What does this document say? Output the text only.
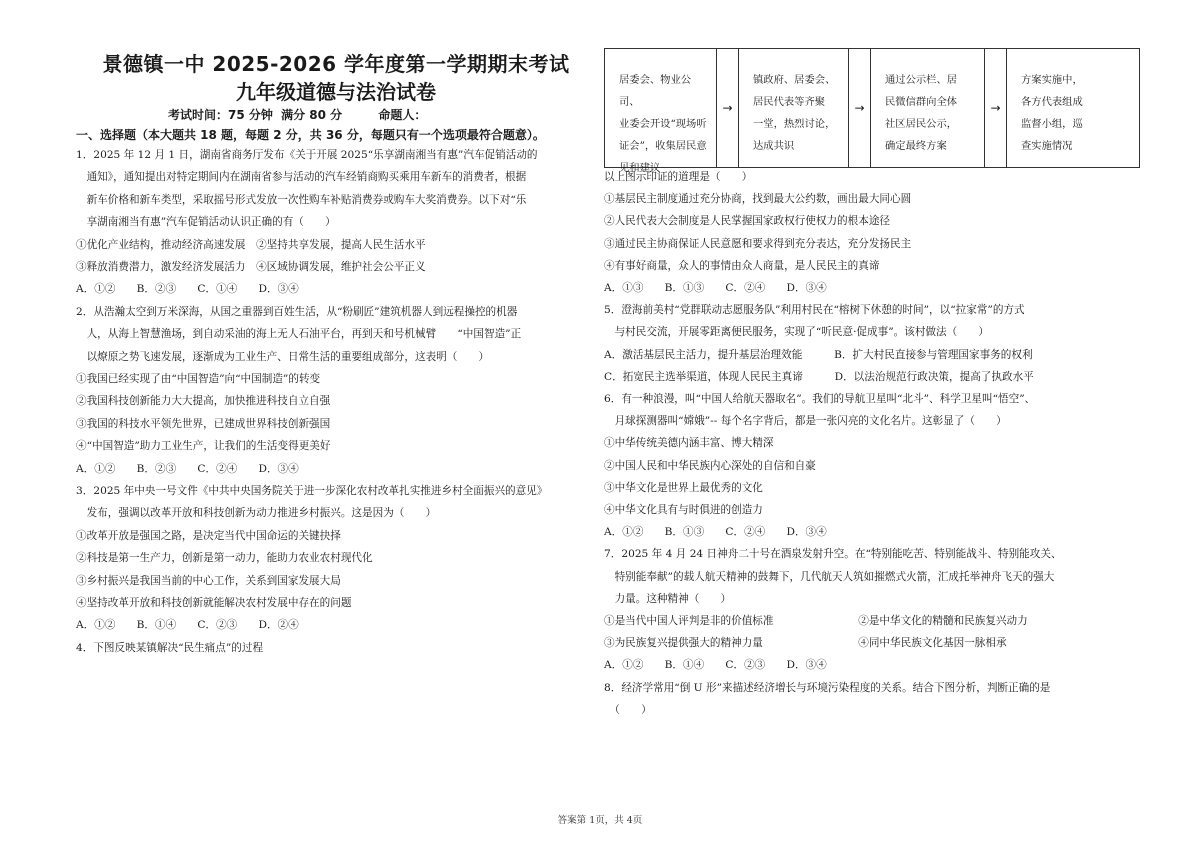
景德镇一中 2025-2026 学年度第一学期期末考试
九年级道德与法治试卷
考试时间：75 分钟 满分 80 分	命题人：
一、选择题（本大题共 18 题，每题 2 分，共 36 分，每题只有一个选项最符合题意）。
1．2025 年 12 月 1 日，湖南省商务厅发布《关于开展 2025“乐享湖南湘当有惠”汽车促销活动的
　通知》，通知提出对特定期间内在湖南省参与活动的汽车经销商购买乘用车新车的消费者，根据
　新车价格和新车类型，采取摇号形式发放一次性购车补贴消费券或购车大奖消费券。以下对“乐
　享湖南湘当有惠”汽车促销活动认识正确的有（　　）
①优化产业结构，推动经济高速发展　②坚持共享发展，提高人民生活水平
③释放消费潜力，激发经济发展活力　④区域协调发展，维护社会公平正义
A．①②　　B．②③　　C．①④　　D．③④
2．从浩瀚太空到万米深海，从国之重器到百姓生活，从“粉刷匠”建筑机器人到远程操控的机器
　人，从海上智慧渔场，到自动采油的海上无人石油平台，再到天和号机械臂　　“中国智造”正
　以燎原之势飞速发展，逐渐成为工业生产、日常生活的重要组成部分，这表明（　　）
①我国已经实现了由“中国智造”向“中国制造”的转变
②我国科技创新能力大大提高，加快推进科技自立自强
③我国的科技水平领先世界，已建成世界科技创新强国
④“中国智造”助力工业生产，让我们的生活变得更美好
A．①②　　B．②③　　C．②④　　D．③④
3．2025 年中央一号文件《中共中央国务院关于进一步深化农村改革扎实推进乡村全面振兴的意见》
　发布，强调以改革开放和科技创新为动力推进乡村振兴。这是因为（　　）
①改革开放是强国之路，是决定当代中国命运的关键抉择
②科技是第一生产力，创新是第一动力，能助力农业农村现代化
③乡村振兴是我国当前的中心工作，关系到国家发展大局
④坚持改革开放和科技创新就能解决农村发展中存在的问题
A．①②　　B．①④　　C．②③　　D．②④
4．下图反映某镇解决“民生痛点”的过程
居委会、物业公司、
业委会开设“现场听
证会”，收集居民意
见和建议
→
镇政府、居委会、
居民代表等齐聚
一堂，热烈讨论，
达成共识
→
通过公示栏、居
民微信群向全体
社区居民公示，
确定最终方案
→
方案实施中，
各方代表组成
监督小组，巡
查实施情况
以上图示印证的道理是（　　）
①基层民主制度通过充分协商，找到最大公约数，画出最大同心圆
②人民代表大会制度是人民掌握国家政权行使权力的根本途径
③通过民主协商保证人民意愿和要求得到充分表达，充分发扬民主
④有事好商量，众人的事情由众人商量，是人民民主的真谛
A．①③　　B．①③　　C．②④　　D．③④
5．澄海前美村“党群联动志愿服务队”利用村民在“榕树下休憩的时间”，以“拉家常”的方式
　与村民交流，开展零距离便民服务，实现了“听民意·促成事”。该村做法（　　）
A．激活基层民主活力，提升基层治理效能　　　B．扩大村民直接参与管理国家事务的权利
C．拓宽民主选举渠道，体现人民民主真谛　　　D．以法治规范行政决策，提高了执政水平
6．有一种浪漫，叫“中国人给航天器取名”。我们的导航卫星叫“北斗”、科学卫星叫“悟空”、
　月球探测器叫“嫦娥”-- 每个名字背后，都是一张闪亮的文化名片。这彰显了（　　）
①中华传统美德内涵丰富、博大精深
②中国人民和中华民族内心深处的自信和自豪
③中华文化是世界上最优秀的文化
④中华文化具有与时俱进的创造力
A．①②　　B．①③　　C．②④　　D．③④
7．2025 年 4 月 24 日神舟二十号在酒泉发射升空。在“特别能吃苦、特别能战斗、特别能攻关、
　特别能奉献”的载人航天精神的鼓舞下，几代航天人筑如摧燃式火箭，汇成托举神舟飞天的强大
　力量。这种精神（　　）
①是当代中国人评判是非的价值标准　　　　　　　　②是中华文化的精髓和民族复兴动力
③为民族复兴提供强大的精神力量　　　　　　　　　④同中华民族文化基因一脉相承
A．①②　　B．①④　　C．②③　　D．③④
8．经济学常用“倒 U 形”来描述经济增长与环境污染程度的关系。结合下图分析，判断正确的是
　（　　）
答案第 1页，共 4页
